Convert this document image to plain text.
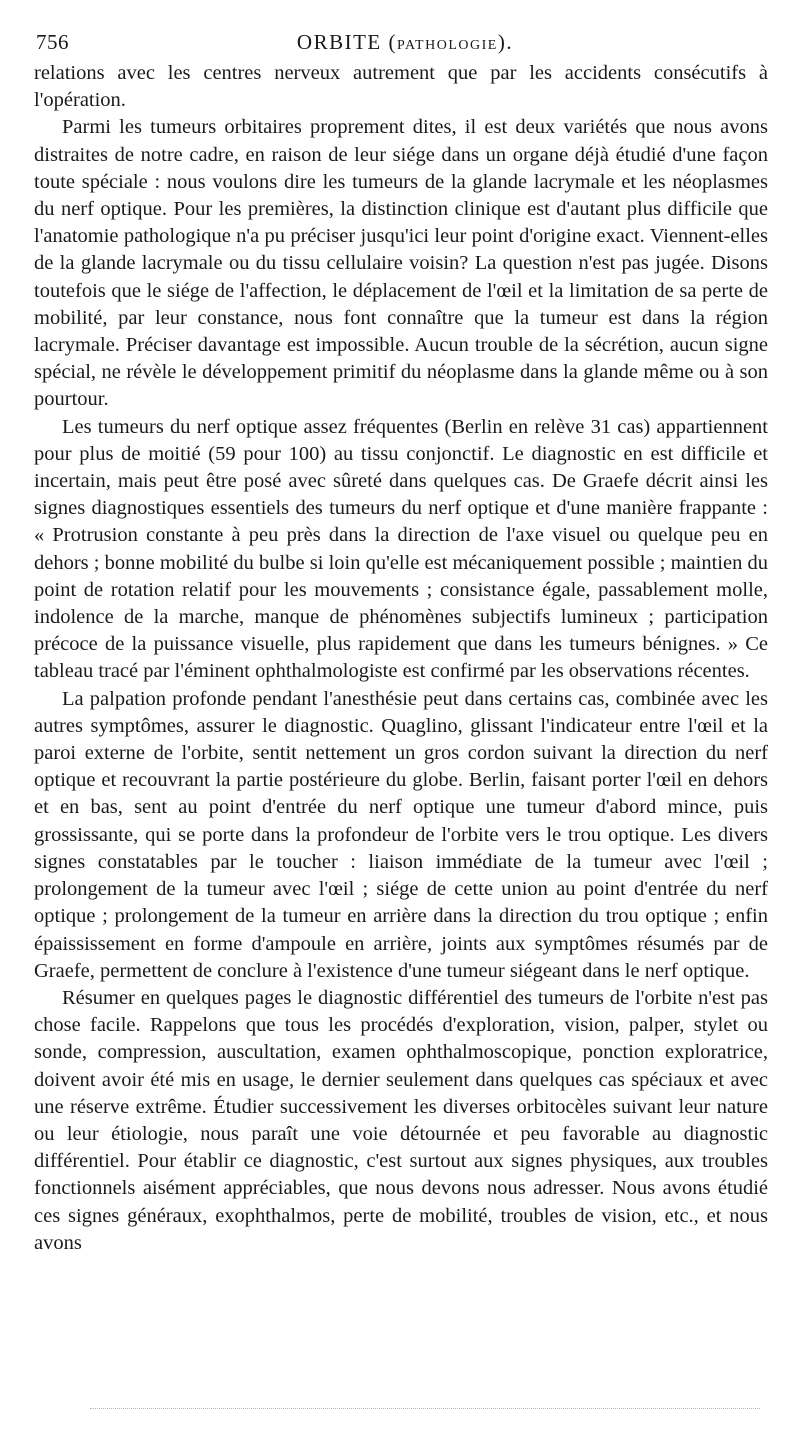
756	ORBITE (PATHOLOGIE).

relations avec les centres nerveux autrement que par les accidents consécutifs à l'opération.

Parmi les tumeurs orbitaires proprement dites, il est deux variétés que nous avons distraites de notre cadre, en raison de leur siége dans un organe déjà étudié d'une façon toute spéciale : nous voulons dire les tumeurs de la glande lacrymale et les néoplasmes du nerf optique. Pour les premières, la distinction clinique est d'autant plus difficile que l'anatomie pathologique n'a pu préciser jusqu'ici leur point d'origine exact. Viennent-elles de la glande lacrymale ou du tissu cellulaire voisin? La question n'est pas jugée. Disons toutefois que le siége de l'affection, le déplacement de l'œil et la limitation de sa perte de mobilité, par leur constance, nous font connaître que la tumeur est dans la région lacrymale. Préciser davantage est impossible. Aucun trouble de la sécrétion, aucun signe spécial, ne révèle le développement primitif du néoplasme dans la glande même ou à son pourtour.

Les tumeurs du nerf optique assez fréquentes (Berlin en relève 31 cas) appartiennent pour plus de moitié (59 pour 100) au tissu conjonctif. Le diagnostic en est difficile et incertain, mais peut être posé avec sûreté dans quelques cas. De Graefe décrit ainsi les signes diagnostiques essentiels des tumeurs du nerf optique et d'une manière frappante : « Protrusion constante à peu près dans la direction de l'axe visuel ou quelque peu en dehors ; bonne mobilité du bulbe si loin qu'elle est mécaniquement possible ; maintien du point de rotation relatif pour les mouvements ; consistance égale, passablement molle, indolence de la marche, manque de phénomènes subjectifs lumineux ; participation précoce de la puissance visuelle, plus rapidement que dans les tumeurs bénignes. » Ce tableau tracé par l'éminent ophthalmologiste est confirmé par les observations récentes.

La palpation profonde pendant l'anesthésie peut dans certains cas, combinée avec les autres symptômes, assurer le diagnostic. Quaglino, glissant l'indicateur entre l'œil et la paroi externe de l'orbite, sentit nettement un gros cordon suivant la direction du nerf optique et recouvrant la partie postérieure du globe. Berlin, faisant porter l'œil en dehors et en bas, sent au point d'entrée du nerf optique une tumeur d'abord mince, puis grossissante, qui se porte dans la profondeur de l'orbite vers le trou optique. Les divers signes constatables par le toucher : liaison immédiate de la tumeur avec l'œil ; prolongement de la tumeur avec l'œil ; siége de cette union au point d'entrée du nerf optique ; prolongement de la tumeur en arrière dans la direction du trou optique ; enfin épaississement en forme d'ampoule en arrière, joints aux symptômes résumés par de Graefe, permettent de conclure à l'existence d'une tumeur siégeant dans le nerf optique.

Résumer en quelques pages le diagnostic différentiel des tumeurs de l'orbite n'est pas chose facile. Rappelons que tous les procédés d'exploration, vision, palper, stylet ou sonde, compression, auscultation, examen ophthalmoscopique, ponction exploratrice, doivent avoir été mis en usage, le dernier seulement dans quelques cas spéciaux et avec une réserve extrême. Étudier successivement les diverses orbitocèles suivant leur nature ou leur étiologie, nous paraît une voie détournée et peu favorable au diagnostic différentiel. Pour établir ce diagnostic, c'est surtout aux signes physiques, aux troubles fonctionnels aisément appréciables, que nous devons nous adresser. Nous avons étudié ces signes généraux, exophthalmos, perte de mobilité, troubles de vision, etc., et nous avons
